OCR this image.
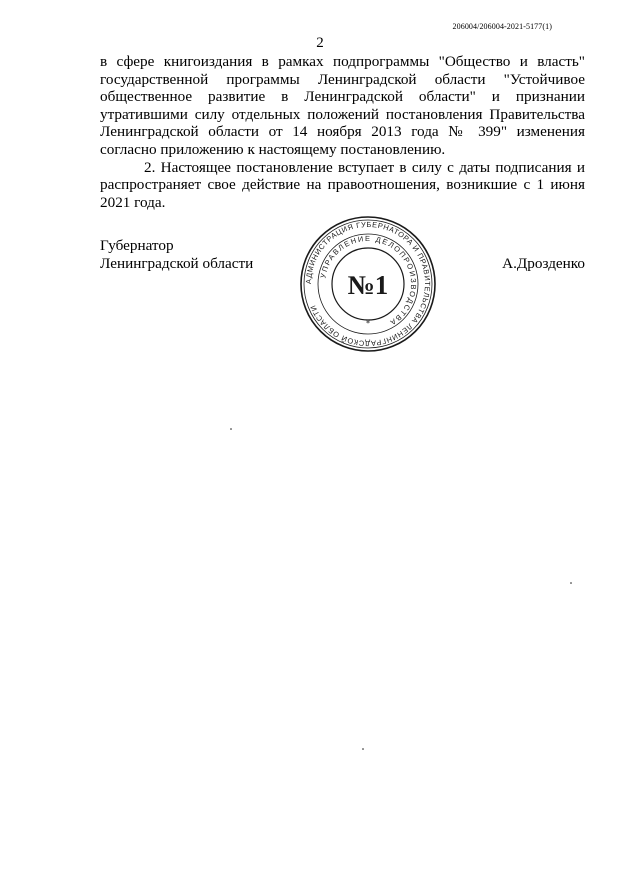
206004/206004-2021-5177(1)
2

в сфере книгоиздания в рамках подпрограммы "Общество и власть" государственной программы Ленинградской области "Устойчивое общественное развитие в Ленинградской области" и признании утратившими силу отдельных положений постановления Правительства Ленинградской области от 14 ноября 2013 года № 399" изменения согласно приложению к настоящему постановлению.

2. Настоящее постановление вступает в силу с даты подписания и распространяет свое действие на правоотношения, возникшие с 1 июня 2021 года.

Губернатор
Ленинградской области	А.Дрозденко
АДМИНИСТРАЦИЯ ГУБЕРНАТОРА И ПРАВИТЕЛЬСТВА ЛЕНИНГРАДСКОЙ ОБЛАСТИ
УПРАВЛЕНИЕ ДЕЛОПРОИЗВОДСТВА
*
№1
